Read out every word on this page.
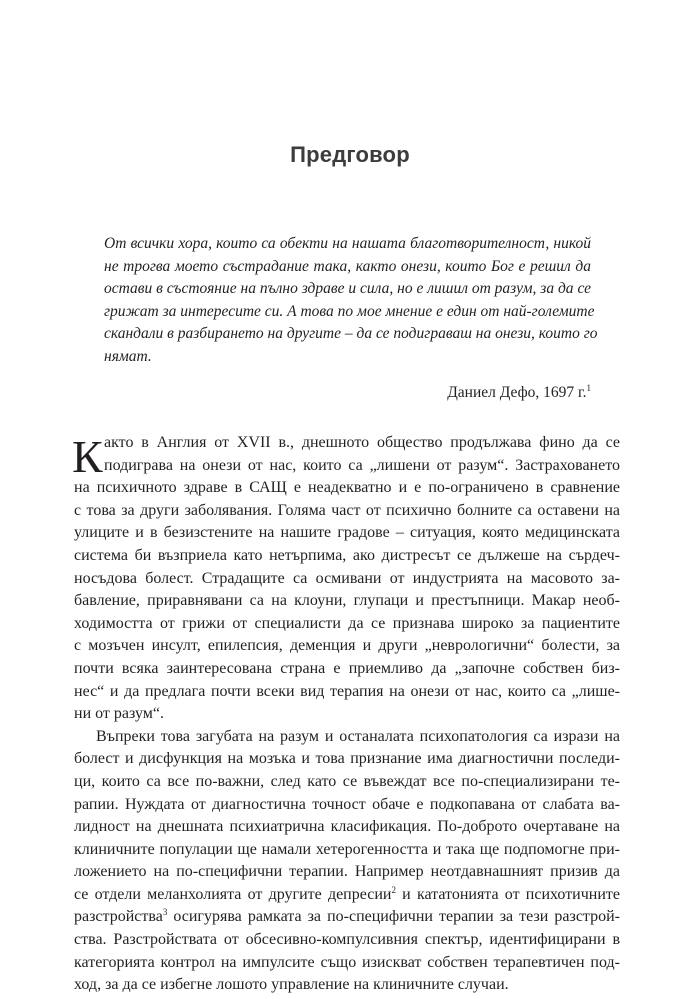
Предговор
От всички хора, които са обекти на нашата благотворителност, никой
не трогва моето състрадание така, както онези, които Бог е решил да
остави в състояние на пълно здраве и сила, но е лишил от разум, за да се
грижат за интересите си. А това по мое мнение е един от най-големите
скандали в разбирането на другите – да се подиграваш на онези, които го
нямат.
Даниел Дефо, 1697 г.$^1$
К акто в Англия от XVII в., днешното общество продължава фино да се
подиграва на онези от нас, които са „лишени от разум“. Застраховането
на психичното здраве в САЩ е неадекватно и е по-ограничено в сравнение
с това за други заболявания. Голяма част от психично болните са оставени на
улиците и в безизстените на нашите градове – ситуация, която медицинската
система би възприела като нетърпима, ако дистресът се дължеше на сърдеч-
носъдова болест. Страдащите са осмивани от индустрията на масовото за-
бавление, приравнявани са на клоуни, глупаци и престъпници. Макар необ-
ходимостта от грижи от специалисти да се признава широко за пациентите
с мозъчен инсулт, епилепсия, деменция и други „неврологични“ болести, за
почти всяка заинтересована страна е приемливо да „започне собствен биз-
нес“ и да предлага почти всеки вид терапия на онези от нас, които са „лише-
ни от разум“.
Въпреки това загубата на разум и останалата психопатология са изрази на
болест и дисфункция на мозъка и това признание има диагностични последи-
ци, които са все по-важни, след като се въвеждат все по-специализирани те-
рапии. Нуждата от диагностична точност обаче е подкопавана от слабата ва-
лидност на днешната психиатрична класификация. По-доброто очертаване на
клиничните популации ще намали хетерогенността и така ще подпомогне при-
ложението на по-специфични терапии. Например неотдавнашният призив да
се отдели меланхолията от другите депресии$^2$ и кататонията от психотичните
разстройства$^3$ осигурява рамката за по-специфични терапии за тези разстрой-
ства. Разстройствата от обсесивно-компулсивния спектър, идентифицирани в
категорията контрол на импулсите също изискват собствен терапевтичен под-
ход, за да се избегне лошото управление на клиничните случаи.
